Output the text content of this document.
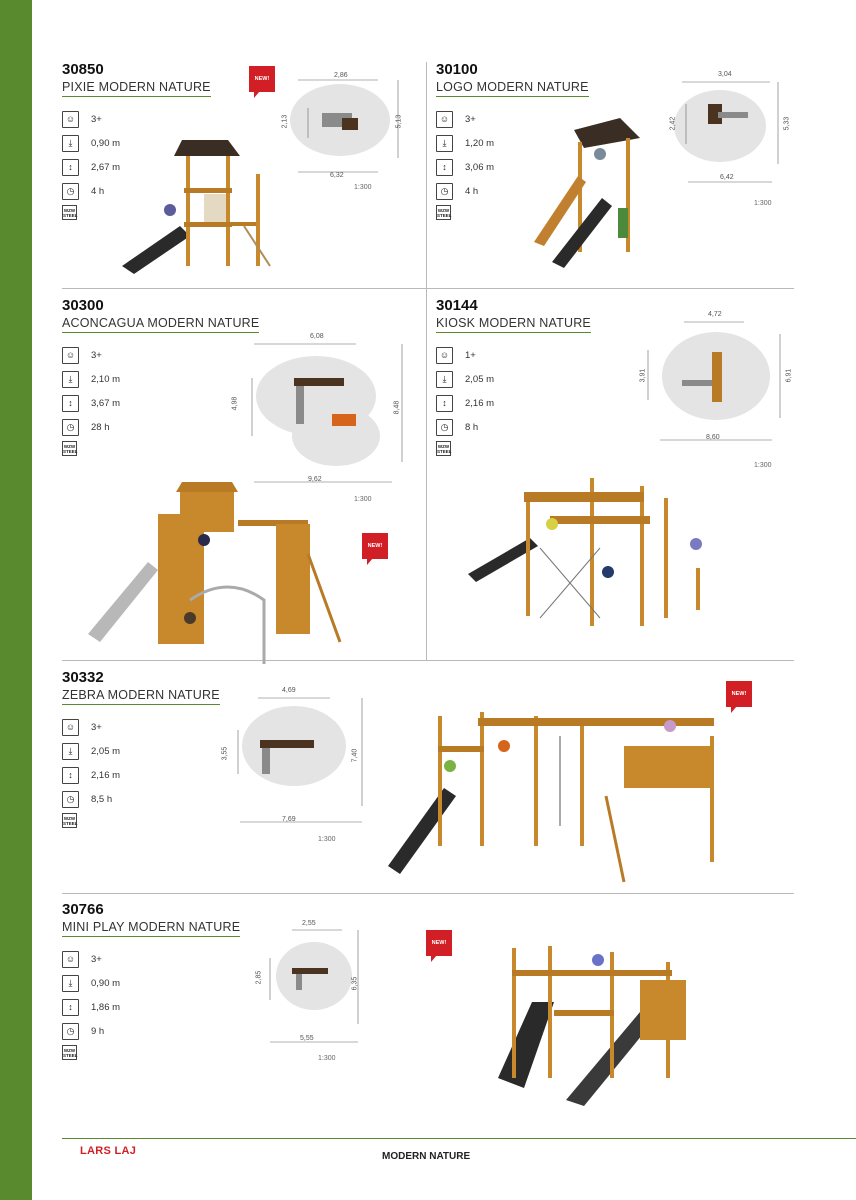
30850
PIXIE MODERN NATURE
☺	3+
⤓	0,90 m
↕	2,67 m
◷	4 h
WZW
STEEL
NEW!	2,86
2,13	5,13
6,32
1:300
30100
LOGO MODERN NATURE
☺	3+
⤓	1,20 m
↕	3,06 m
◷	4 h
WZW
STEEL
3,04
2,42	5,33
6,42
1:300
30300
ACONCAGUA MODERN NATURE
☺	3+
⤓	2,10 m
↕	3,67 m
◷	28 h
WZW
STEEL
6,08
4,98	8,48
9,62
1:300
NEW!
30144
KIOSK MODERN NATURE
☺	1+
⤓	2,05 m
↕	2,16 m
◷	8 h
WZW
STEEL
4,72
3,91	6,91
8,60
1:300
30332
ZEBRA MODERN NATURE
☺	3+
⤓	2,05 m
↕	2,16 m
◷	8,5 h
WZW
STEEL
4,69
3,55	7,40
7,69
1:300
NEW!
30766
MINI PLAY MODERN NATURE
☺	3+
⤓	0,90 m
↕	1,86 m
◷	9 h
WZW
STEEL
2,55
2,85	6,35
5,55
1:300
NEW!
66	LARS LAJ	MODERN NATURE
